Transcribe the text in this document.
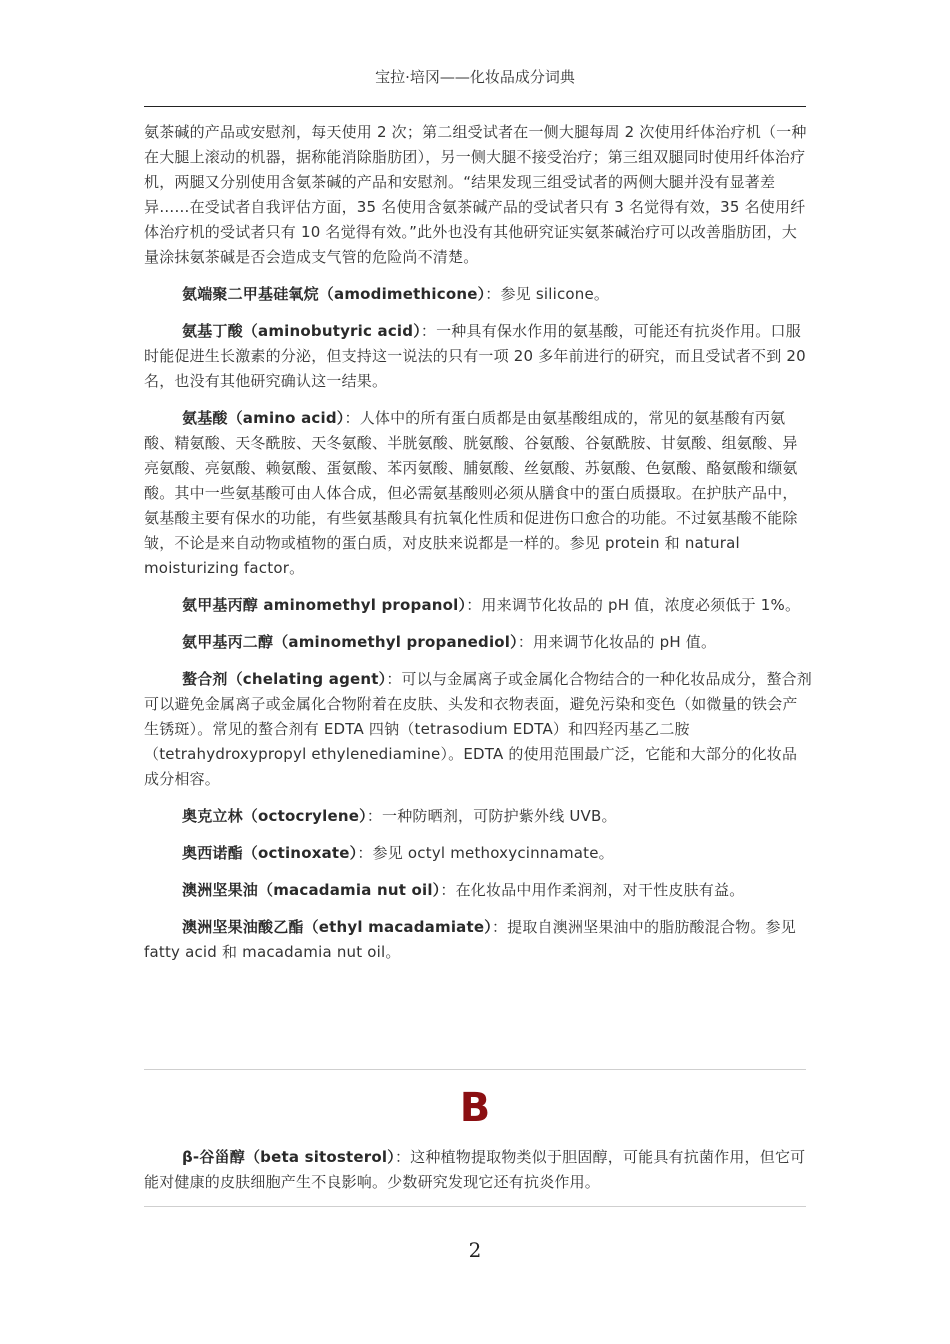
宝拉·培冈——化妆品成分词典

氨茶碱的产品或安慰剂，每天使用 2 次；第二组受试者在一侧大腿每周 2 次使用纤体治疗机（一种在大腿上滚动的机器，据称能消除脂肪团），另一侧大腿不接受治疗；第三组双腿同时使用纤体治疗机，两腿又分别使用含氨茶碱的产品和安慰剂。“结果发现三组受试者的两侧大腿并没有显著差异……在受试者自我评估方面，35 名使用含氨茶碱产品的受试者只有 3 名觉得有效，35 名使用纤体治疗机的受试者只有 10 名觉得有效。”此外也没有其他研究证实氨茶碱治疗可以改善脂肪团，大量涂抹氨茶碱是否会造成支气管的危险尚不清楚。

氨端聚二甲基硅氧烷（amodimethicone）：参见 silicone。

氨基丁酸（aminobutyric acid）：一种具有保水作用的氨基酸，可能还有抗炎作用。口服时能促进生长激素的分泌，但支持这一说法的只有一项 20 多年前进行的研究，而且受试者不到 20 名，也没有其他研究确认这一结果。

氨基酸（amino acid）：人体中的所有蛋白质都是由氨基酸组成的，常见的氨基酸有丙氨酸、精氨酸、天冬酰胺、天冬氨酸、半胱氨酸、胱氨酸、谷氨酸、谷氨酰胺、甘氨酸、组氨酸、异亮氨酸、亮氨酸、赖氨酸、蛋氨酸、苯丙氨酸、脯氨酸、丝氨酸、苏氨酸、色氨酸、酪氨酸和缬氨酸。其中一些氨基酸可由人体合成，但必需氨基酸则必须从膳食中的蛋白质摄取。在护肤产品中，氨基酸主要有保水的功能，有些氨基酸具有抗氧化性质和促进伤口愈合的功能。不过氨基酸不能除皱，不论是来自动物或植物的蛋白质，对皮肤来说都是一样的。参见 protein 和 natural moisturizing factor。

氨甲基丙醇 aminomethyl propanol）：用来调节化妆品的 pH 值，浓度必须低于 1%。

氨甲基丙二醇（aminomethyl propanediol）：用来调节化妆品的 pH 值。

螯合剂（chelating agent）：可以与金属离子或金属化合物结合的一种化妆品成分，螯合剂可以避免金属离子或金属化合物附着在皮肤、头发和衣物表面，避免污染和变色（如微量的铁会产生锈斑）。常见的螯合剂有 EDTA 四钠（tetrasodium EDTA）和四羟丙基乙二胺（tetrahydroxypropyl ethylenediamine）。EDTA 的使用范围最广泛，它能和大部分的化妆品成分相容。

奥克立林（octocrylene）：一种防晒剂，可防护紫外线 UVB。

奥西诺酯（octinoxate）：参见 octyl methoxycinnamate。

澳洲坚果油（macadamia nut oil）：在化妆品中用作柔润剂，对干性皮肤有益。

澳洲坚果油酸乙酯（ethyl macadamiate）：提取自澳洲坚果油中的脂肪酸混合物。参见 fatty acid 和 macadamia nut oil。

B

β-谷甾醇（beta sitosterol）：这种植物提取物类似于胆固醇，可能具有抗菌作用，但它可能对健康的皮肤细胞产生不良影响。少数研究发现它还有抗炎作用。

2
